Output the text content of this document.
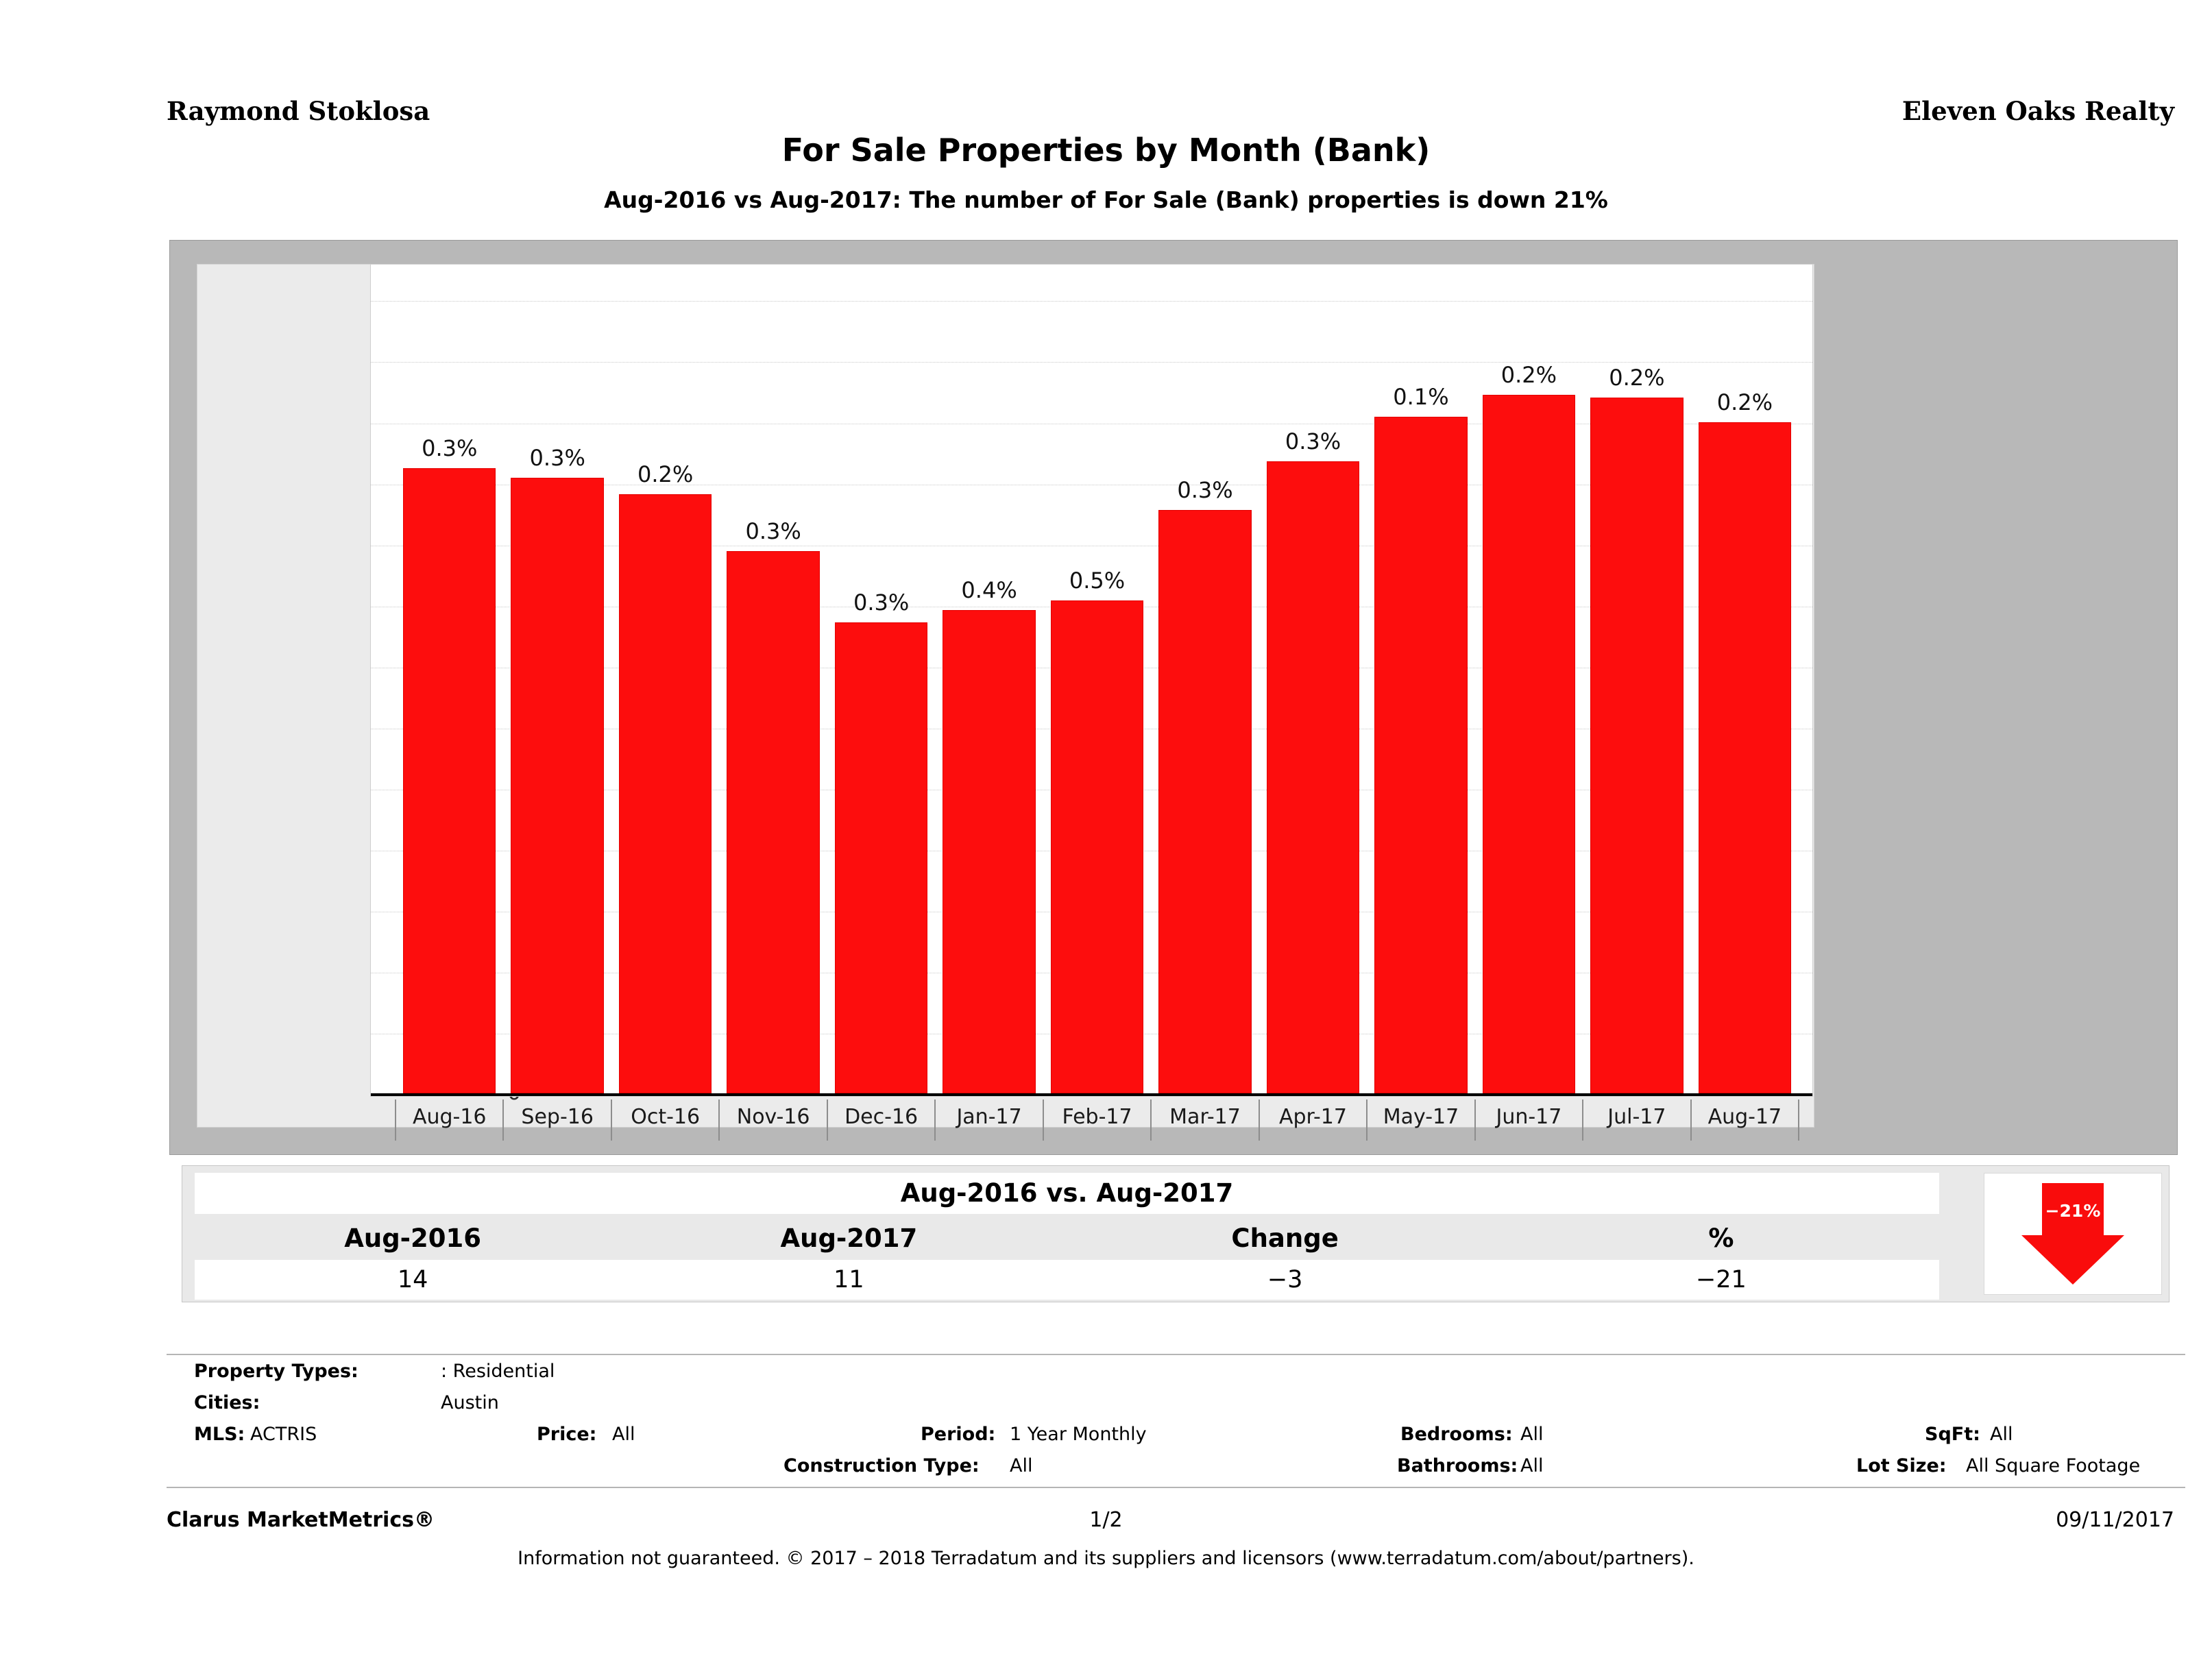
Raymond Stoklosa	Eleven Oaks Realty
For Sale Properties by Month (Bank)
Aug-2016 vs Aug-2017: The number of For Sale (Bank) properties is down 21%
0.3%	0.3%
0.2%
0.3%
0.3%	0.4%	0.5%
0.3%
0.3%
0.1%
0.2%	0.2%
0.2%
Aug-16	Sep-16	Oct-16	Nov-16	Dec-16	Jan-17	Feb-17	Mar-17	Apr-17	May-17	Jun-17	Jul-17	Aug-17
Aug-2016 vs. Aug-2017
Aug-2016	Aug-2017	Change	%
14	11	−3	−21
−21%
Property Types:	: Residential
Cities:	Austin
MLS: ACTRIS	Price: All	Period: 1 Year Monthly	Bedrooms: All	SqFt: All
Construction Type: All	Bathrooms: All	Lot Size: All Square Footage
Clarus MarketMetrics®	1/2	09/11/2017
Information not guaranteed. © 2017 – 2018 Terradatum and its suppliers and licensors (www.terradatum.com/about/partners).
